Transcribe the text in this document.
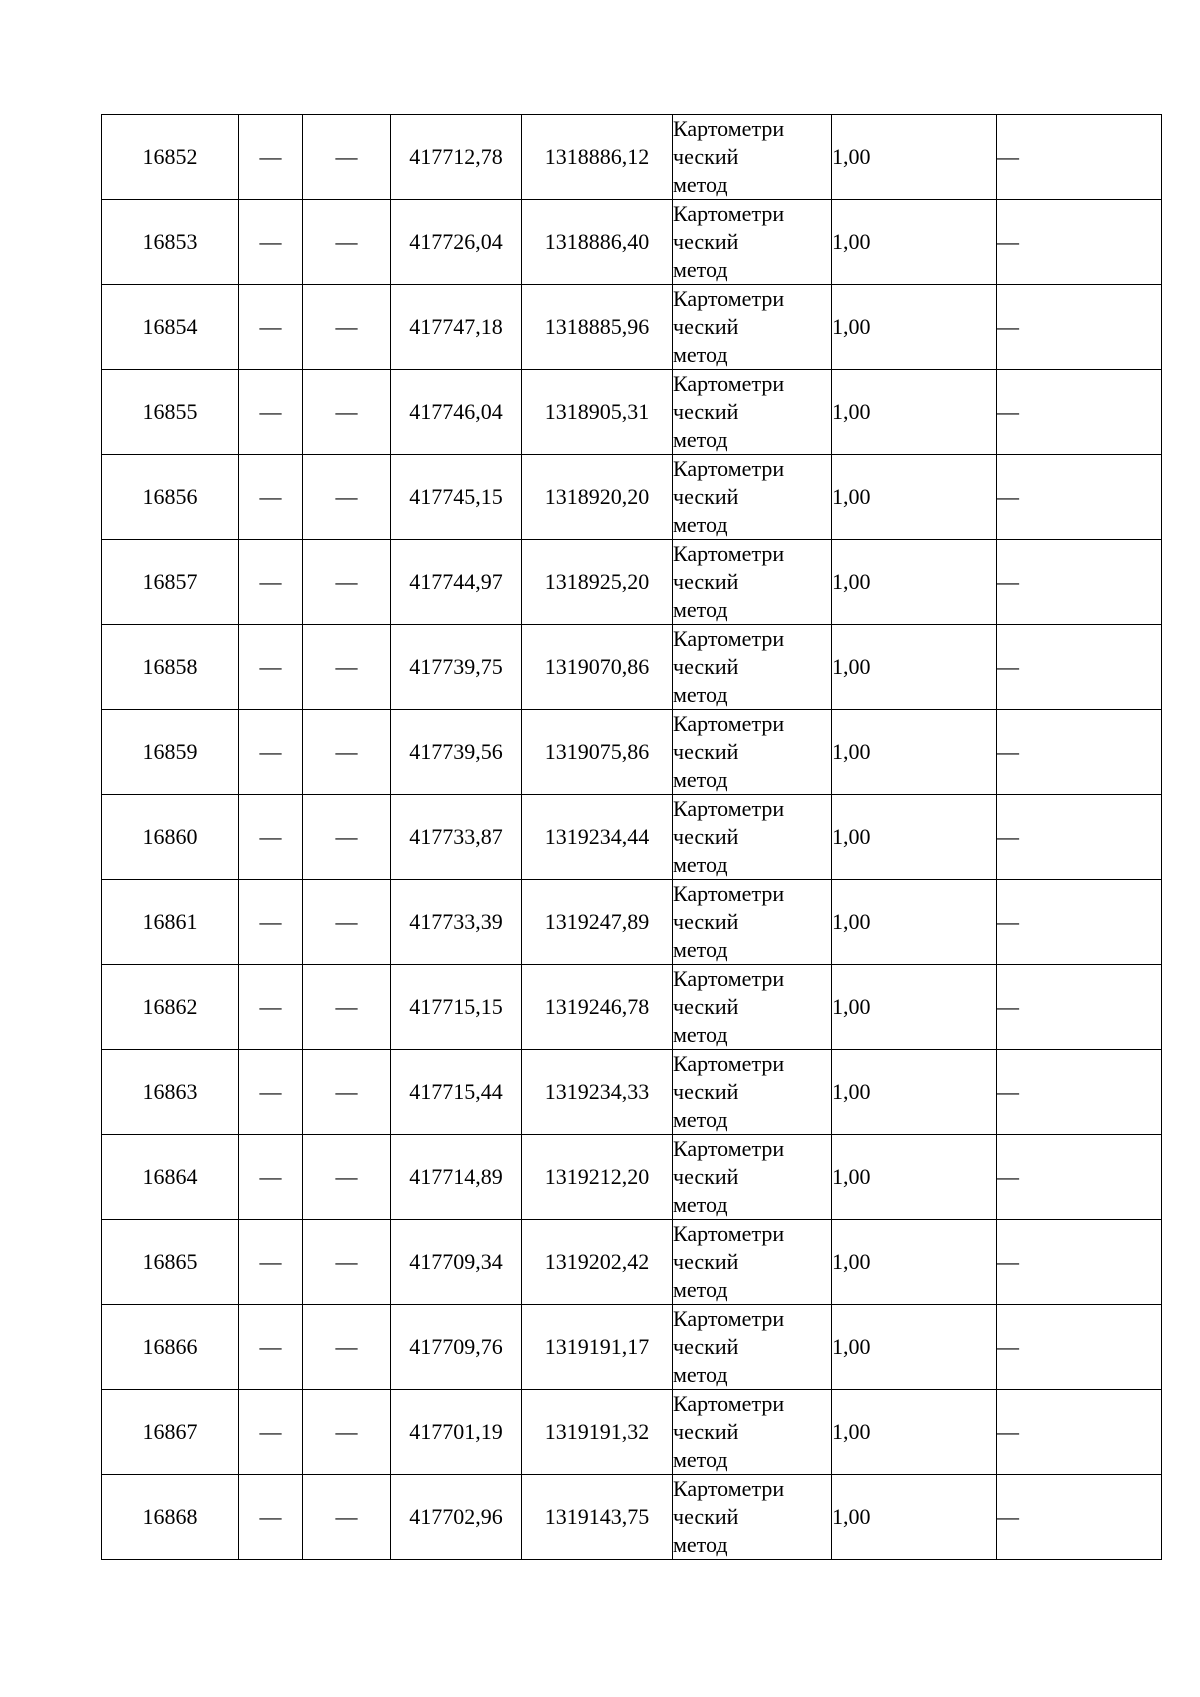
16852	—	—	417712,78	1318886,12	Картометри
ческий
метод	1,00	—
16853	—	—	417726,04	1318886,40	Картометри
ческий
метод	1,00	—
16854	—	—	417747,18	1318885,96	Картометри
ческий
метод	1,00	—
16855	—	—	417746,04	1318905,31	Картометри
ческий
метод	1,00	—
16856	—	—	417745,15	1318920,20	Картометри
ческий
метод	1,00	—
16857	—	—	417744,97	1318925,20	Картометри
ческий
метод	1,00	—
16858	—	—	417739,75	1319070,86	Картометри
ческий
метод	1,00	—
16859	—	—	417739,56	1319075,86	Картометри
ческий
метод	1,00	—
16860	—	—	417733,87	1319234,44	Картометри
ческий
метод	1,00	—
16861	—	—	417733,39	1319247,89	Картометри
ческий
метод	1,00	—
16862	—	—	417715,15	1319246,78	Картометри
ческий
метод	1,00	—
16863	—	—	417715,44	1319234,33	Картометри
ческий
метод	1,00	—
16864	—	—	417714,89	1319212,20	Картометри
ческий
метод	1,00	—
16865	—	—	417709,34	1319202,42	Картометри
ческий
метод	1,00	—
16866	—	—	417709,76	1319191,17	Картометри
ческий
метод	1,00	—
16867	—	—	417701,19	1319191,32	Картометри
ческий
метод	1,00	—
16868	—	—	417702,96	1319143,75	Картометри
ческий
метод	1,00	—
